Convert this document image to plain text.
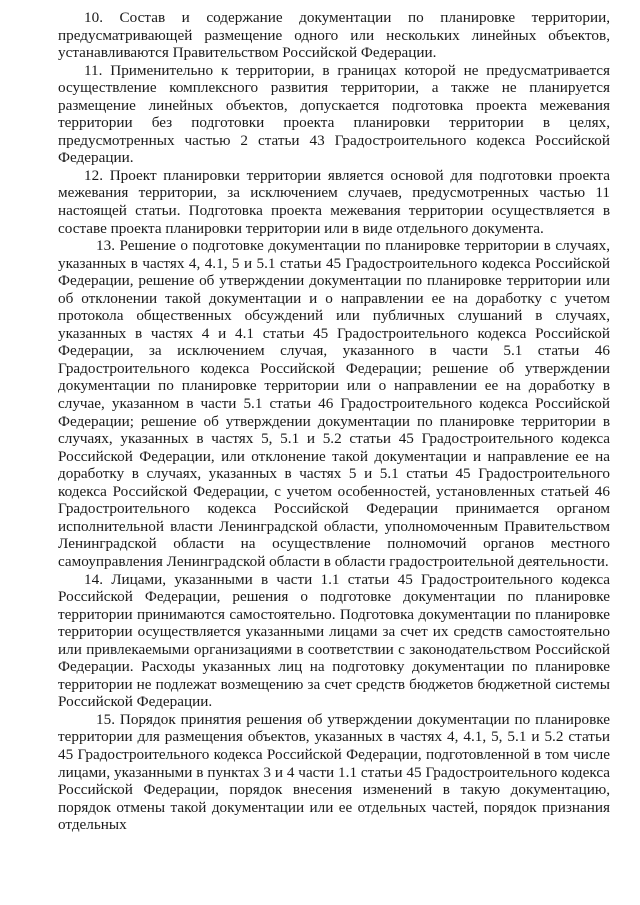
10. Состав и содержание документации по планировке территории, предусматривающей размещение одного или нескольких линейных объектов, устанавливаются Правительством Российской Федерации.

11. Применительно к территории, в границах которой не предусматривается осуществление комплексного развития территории, а также не планируется размещение линейных объектов, допускается подготовка проекта межевания территории без подготовки проекта планировки территории в целях, предусмотренных частью 2 статьи 43 Градостроительного кодекса Российской Федерации.

12. Проект планировки территории является основой для подготовки проекта межевания территории, за исключением случаев, предусмотренных частью 11 настоящей статьи. Подготовка проекта межевания территории осуществляется в составе проекта планировки территории или в виде отдельного документа.

13. Решение о подготовке документации по планировке территории в случаях, указанных в частях 4, 4.1, 5 и 5.1 статьи 45 Градостроительного кодекса Российской Федерации, решение об утверждении документации по планировке территории или об отклонении такой документации и о направлении ее на доработку с учетом протокола общественных обсуждений или публичных слушаний в случаях, указанных в частях 4 и 4.1 статьи 45 Градостроительного кодекса Российской Федерации, за исключением случая, указанного в части 5.1 статьи 46 Градостроительного кодекса Российской Федерации; решение об утверждении документации по планировке территории или о направлении ее на доработку в случае, указанном в части 5.1 статьи 46 Градостроительного кодекса Российской Федерации; решение об утверждении документации по планировке территории в случаях, указанных в частях 5, 5.1 и 5.2 статьи 45 Градостроительного кодекса Российской Федерации, или отклонение такой документации и направление ее на доработку в случаях, указанных в частях 5 и 5.1 статьи 45 Градостроительного кодекса Российской Федерации, с учетом особенностей, установленных статьей 46 Градостроительного кодекса Российской Федерации принимается органом исполнительной власти Ленинградской области, уполномоченным Правительством Ленинградской области на осуществление полномочий органов местного самоуправления Ленинградской области в области градостроительной деятельности.

14. Лицами, указанными в части 1.1 статьи 45 Градостроительного кодекса Российской Федерации, решения о подготовке документации по планировке территории принимаются самостоятельно. Подготовка документации по планировке территории осуществляется указанными лицами за счет их средств самостоятельно или привлекаемыми организациями в соответствии с законодательством Российской Федерации. Расходы указанных лиц на подготовку документации по планировке территории не подлежат возмещению за счет средств бюджетов бюджетной системы Российской Федерации.

15. Порядок принятия решения об утверждении документации по планировке территории для размещения объектов, указанных в частях 4, 4.1, 5, 5.1 и 5.2 статьи 45 Градостроительного кодекса Российской Федерации, подготовленной в том числе лицами, указанными в пунктах 3 и 4 части 1.1 статьи 45 Градостроительного кодекса Российской Федерации, порядок внесения изменений в такую документацию, порядок отмены такой документации или ее отдельных частей, порядок признания отдельных
